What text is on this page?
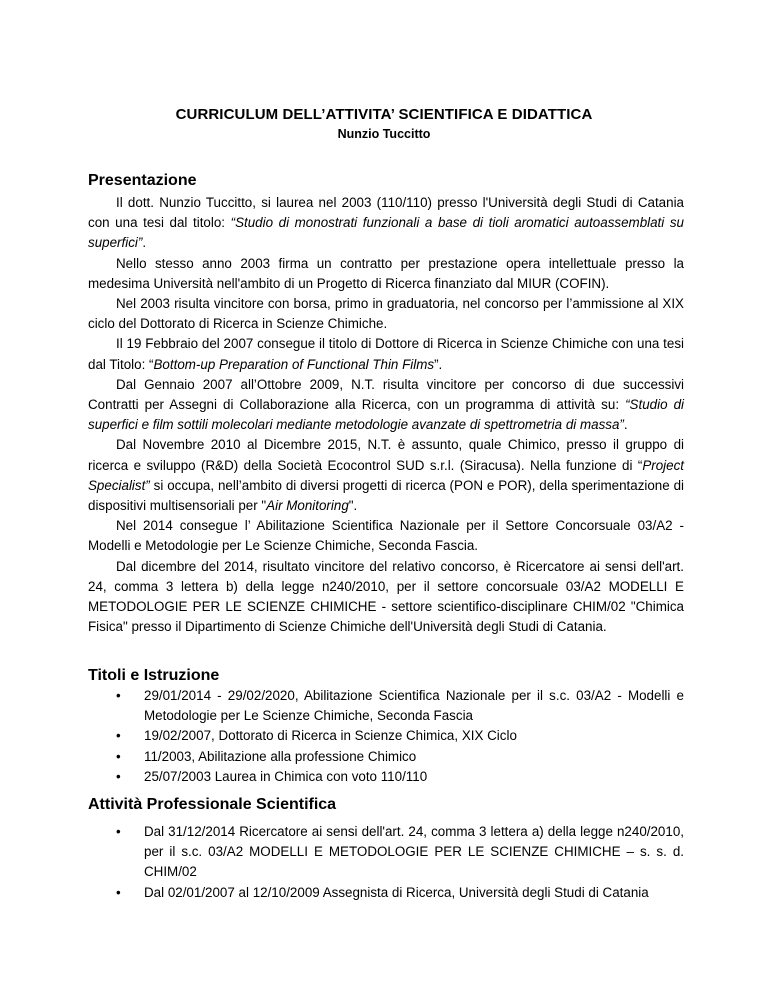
CURRICULUM DELL’ATTIVITA’ SCIENTIFICA E DIDATTICA
Nunzio Tuccitto
Presentazione

Il dott. Nunzio Tuccitto, si laurea nel 2003 (110/110) presso l'Università degli Studi di Catania con una tesi dal titolo: “Studio di monostrati funzionali a base di tioli aromatici autoassemblati su superfici”.

Nello stesso anno 2003 firma un contratto per prestazione opera intellettuale presso la medesima Università nell'ambito di un Progetto di Ricerca finanziato dal MIUR (COFIN).

Nel 2003 risulta vincitore con borsa, primo in graduatoria, nel concorso per l’ammissione al XIX ciclo del Dottorato di Ricerca in Scienze Chimiche.

Il 19 Febbraio del 2007 consegue il titolo di Dottore di Ricerca in Scienze Chimiche con una tesi dal Titolo: “Bottom-up Preparation of Functional Thin Films”.

Dal Gennaio 2007 all’Ottobre 2009, N.T. risulta vincitore per concorso di due successivi Contratti per Assegni di Collaborazione alla Ricerca, con un programma di attività su: “Studio di superfici e film sottili molecolari mediante metodologie avanzate di spettrometria di massa”.

Dal Novembre 2010 al Dicembre 2015, N.T. è assunto, quale Chimico, presso il gruppo di ricerca e sviluppo (R&D) della Società Ecocontrol SUD s.r.l. (Siracusa). Nella funzione di “Project Specialist” si occupa, nell’ambito di diversi progetti di ricerca (PON e POR), della sperimentazione di dispositivi multisensoriali per "Air Monitoring".

Nel 2014 consegue l’ Abilitazione Scientifica Nazionale per il Settore Concorsuale 03/A2 - Modelli e Metodologie per Le Scienze Chimiche, Seconda Fascia.

Dal dicembre del 2014, risultato vincitore del relativo concorso, è Ricercatore ai sensi dell'art. 24, comma 3 lettera b) della legge n240/2010, per il settore concorsuale 03/A2 MODELLI E METODOLOGIE PER LE SCIENZE CHIMICHE - settore scientifico-disciplinare CHIM/02 "Chimica Fisica" presso il Dipartimento di Scienze Chimiche dell'Università degli Studi di Catania.

Titoli e Istruzione
• 29/01/2014 - 29/02/2020, Abilitazione Scientifica Nazionale per il s.c. 03/A2 - Modelli e Metodologie per Le Scienze Chimiche, Seconda Fascia
• 19/02/2007, Dottorato di Ricerca in Scienze Chimica, XIX Ciclo
• 11/2003, Abilitazione alla professione Chimico
• 25/07/2003 Laurea in Chimica con voto 110/110
Attività Professionale Scientifica
• Dal 31/12/2014 Ricercatore ai sensi dell'art. 24, comma 3 lettera a) della legge n240/2010, per il s.c. 03/A2 MODELLI E METODOLOGIE PER LE SCIENZE CHIMICHE – s. s. d. CHIM/02
• Dal 02/01/2007 al 12/10/2009 Assegnista di Ricerca, Università degli Studi di Catania
